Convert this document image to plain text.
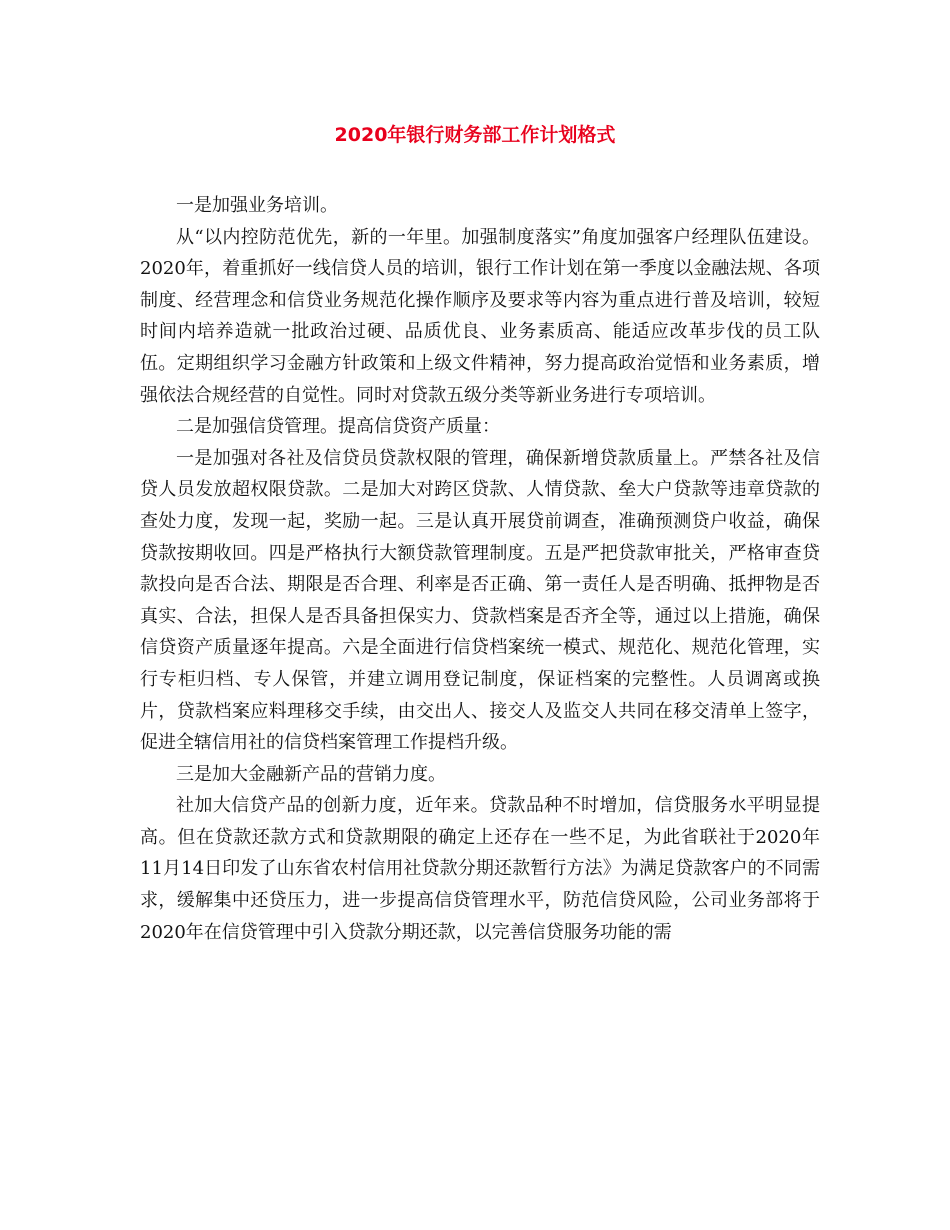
2020年银行财务部工作计划格式

一是加强业务培训。

从“以内控防范优先，新的一年里。加强制度落实”角度加强客户经理队伍建设。2020年，着重抓好一线信贷人员的培训，银行工作计划在第一季度以金融法规、各项制度、经营理念和信贷业务规范化操作顺序及要求等内容为重点进行普及培训，较短时间内培养造就一批政治过硬、品质优良、业务素质高、能适应改革步伐的员工队伍。定期组织学习金融方针政策和上级文件精神，努力提高政治觉悟和业务素质，增强依法合规经营的自觉性。同时对贷款五级分类等新业务进行专项培训。

二是加强信贷管理。提高信贷资产质量：

一是加强对各社及信贷员贷款权限的管理，确保新增贷款质量上。严禁各社及信贷人员发放超权限贷款。二是加大对跨区贷款、人情贷款、垒大户贷款等违章贷款的查处力度，发现一起，奖励一起。三是认真开展贷前调查，准确预测贷户收益，确保贷款按期收回。四是严格执行大额贷款管理制度。五是严把贷款审批关，严格审查贷款投向是否合法、期限是否合理、利率是否正确、第一责任人是否明确、抵押物是否真实、合法，担保人是否具备担保实力、贷款档案是否齐全等，通过以上措施，确保信贷资产质量逐年提高。六是全面进行信贷档案统一模式、规范化、规范化管理，实行专柜归档、专人保管，并建立调用登记制度，保证档案的完整性。人员调离或换片，贷款档案应料理移交手续，由交出人、接交人及监交人共同在移交清单上签字，促进全辖信用社的信贷档案管理工作提档升级。

三是加大金融新产品的营销力度。

社加大信贷产品的创新力度，近年来。贷款品种不时增加，信贷服务水平明显提高。但在贷款还款方式和贷款期限的确定上还存在一些不足，为此省联社于2020年11月14日印发了山东省农村信用社贷款分期还款暂行方法》为满足贷款客户的不同需求，缓解集中还贷压力，进一步提高信贷管理水平，防范信贷风险，公司业务部将于2020年在信贷管理中引入贷款分期还款，以完善信贷服务功能的需
